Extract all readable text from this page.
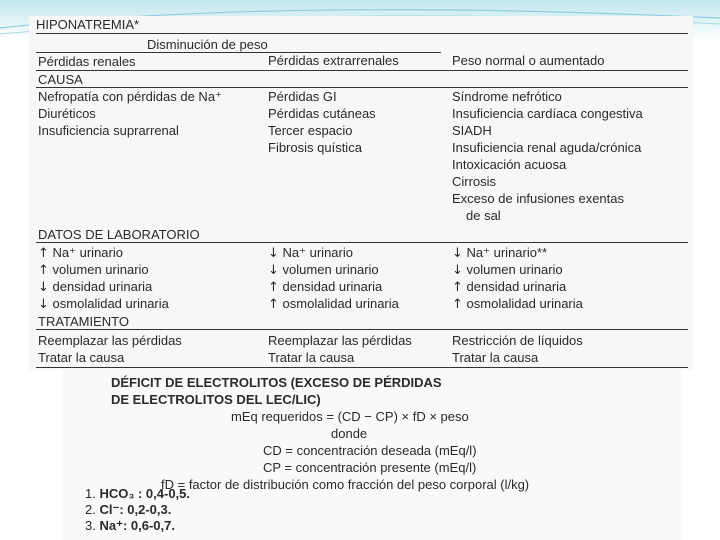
HIPONATREMIA*
Disminución de peso
Pérdidas renales	Pérdidas extrarrenales	Peso normal o aumentado
CAUSA
Nefropatía con pérdidas de Na⁺
Diuréticos
Insuficiencia suprarrenal
Pérdidas GI
Pérdidas cutáneas
Tercer espacio
Fibrosis quística
Síndrome nefrótico
Insuficiencia cardíaca congestiva
SIADH
Insuficiencia renal aguda/crónica
Intoxicación acuosa
Cirrosis
Exceso de infusiones exentas
de sal
DATOS DE LABORATORIO
↑ Na⁺ urinario
↑ volumen urinario
↓ densidad urinaria
↓ osmolalidad urinaria
↓ Na⁺ urinario
↓ volumen urinario
↑ densidad urinaria
↑ osmolalidad urinaria
↓ Na⁺ urinario**
↓ volumen urinario
↑ densidad urinaria
↑ osmolalidad urinaria
TRATAMIENTO
Reemplazar las pérdidas
Tratar la causa
Reemplazar las pérdidas
Tratar la causa
Restricción de líquidos
Tratar la causa
DÉFICIT DE ELECTROLITOS (EXCESO DE PÉRDIDAS
DE ELECTROLITOS DEL LEC/LIC)
mEq requeridos = (CD − CP) × fD × peso
donde
CD = concentración deseada (mEq/l)
CP = concentración presente (mEq/l)
fD = factor de distribución como fracción del peso corporal (l/kg)
1. HCO₃ : 0,4-0,5.
2. Cl⁻: 0,2-0,3.
3. Na⁺: 0,6-0,7.
